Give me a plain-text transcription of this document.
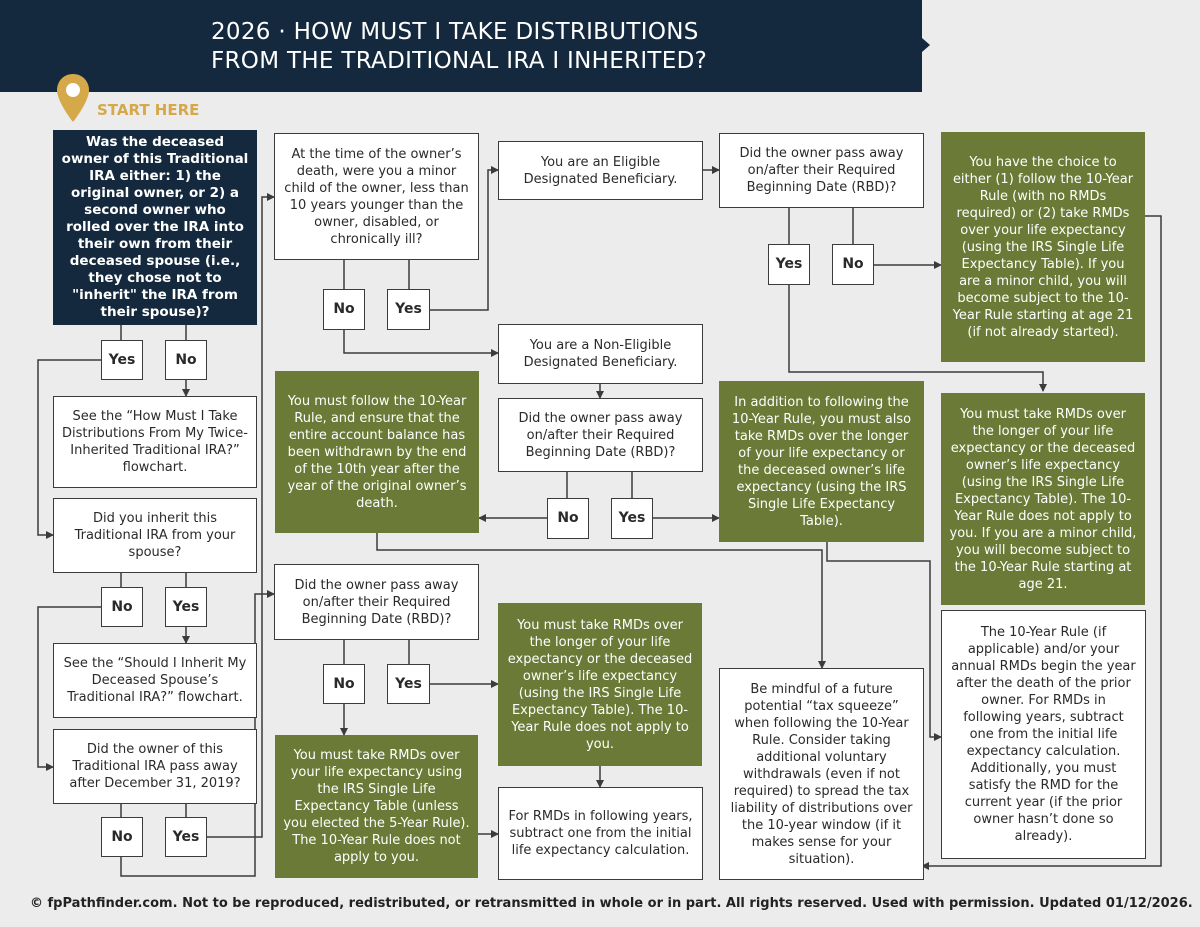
2026 · HOW MUST I TAKE DISTRIBUTIONS
FROM THE TRADITIONAL IRA I INHERITED?
START HERE
Was the deceased owner of this Traditional IRA either: 1) the original owner, or 2) a second owner who rolled over the IRA into their own from their deceased spouse (i.e., they chose not to "inherit" the IRA from their spouse)?
Yes	No
See the “How Must I Take Distributions From My Twice-Inherited Traditional IRA?” flowchart.
Did you inherit this Traditional IRA from your spouse?
No	Yes
See the “Should I Inherit My Deceased Spouse’s Traditional IRA?” flowchart.
Did the owner of this Traditional IRA pass away after December 31, 2019?
No	Yes
At the time of the owner’s death, were you a minor child of the owner, less than 10 years younger than the owner, disabled, or chronically ill?
No	Yes
You must follow the 10-Year Rule, and ensure that the entire account balance has been withdrawn by the end of the 10th year after the year of the original owner’s death.
Did the owner pass away on/after their Required Beginning Date (RBD)?
No	Yes
You must take RMDs over your life expectancy using the IRS Single Life Expectancy Table (unless you elected the 5-Year Rule). The 10-Year Rule does not apply to you.
You are an Eligible Designated Beneficiary.
You are a Non-Eligible Designated Beneficiary.
Did the owner pass away on/after their Required Beginning Date (RBD)?
No	Yes
You must take RMDs over the longer of your life expectancy or the deceased owner’s life expectancy (using the IRS Single Life Expectancy Table). The 10-Year Rule does not apply to you.
For RMDs in following years, subtract one from the initial life expectancy calculation.
Did the owner pass away on/after their Required Beginning Date (RBD)?
Yes	No
In addition to following the 10-Year Rule, you must also take RMDs over the longer of your life expectancy or the deceased owner’s life expectancy (using the IRS Single Life Expectancy Table).
Be mindful of a future potential “tax squeeze” when following the 10-Year Rule. Consider taking additional voluntary withdrawals (even if not required) to spread the tax liability of distributions over the 10-year window (if it makes sense for your situation).
You have the choice to either (1) follow the 10-Year Rule (with no RMDs required) or (2) take RMDs over your life expectancy (using the IRS Single Life Expectancy Table). If you are a minor child, you will become subject to the 10-Year Rule starting at age 21 (if not already started).
You must take RMDs over the longer of your life expectancy or the deceased owner’s life expectancy (using the IRS Single Life Expectancy Table). The 10-Year Rule does not apply to you. If you are a minor child, you will become subject to the 10-Year Rule starting at age 21.
The 10-Year Rule (if applicable) and/or your annual RMDs begin the year after the death of the prior owner. For RMDs in following years, subtract one from the initial life expectancy calculation. Additionally, you must satisfy the RMD for the current year (if the prior owner hasn’t done so already).
© fpPathfinder.com. Not to be reproduced, redistributed, or retransmitted in whole or in part. All rights reserved. Used with permission. Updated 01/12/2026.
